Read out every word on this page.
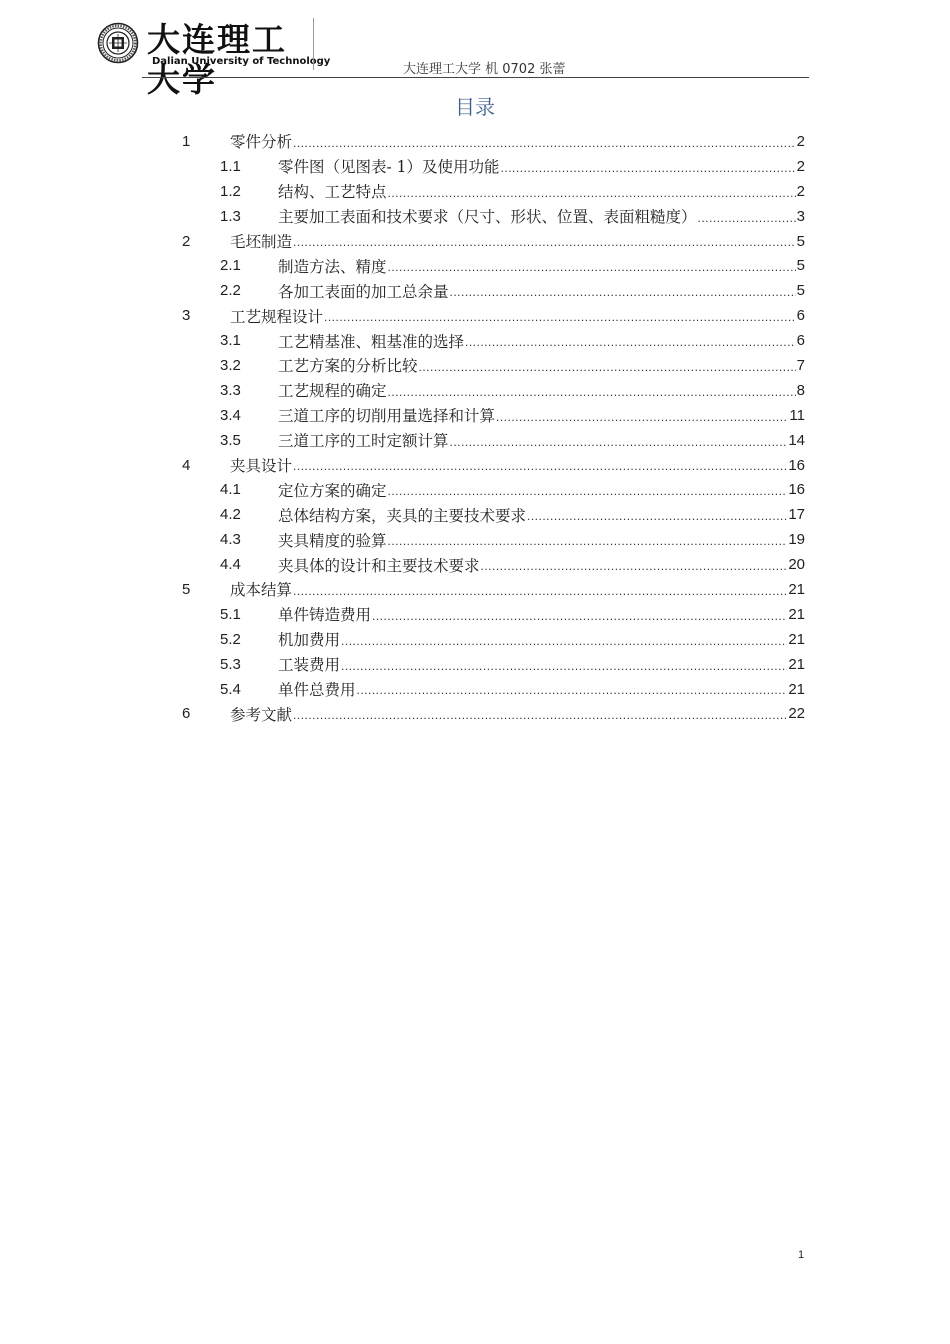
大连理工大学
Dalian University of Technology
大连理工大学 机 0702 张蕾
目录
1	零件分析 .....	2
1.1	零件图（见图表- 1）及使用功能 .....	2
1.2	结构、工艺特点 .....	2
1.3	主要加工表面和技术要求（尺寸、形状、位置、表面粗糙度） .....	3
2	毛坯制造 .....	5
2.1	制造方法、精度 .....	5
2.2	各加工表面的加工总余量 .....	5
3	工艺规程设计 .....	6
3.1	工艺精基准、粗基准的选择 .....	6
3.2	工艺方案的分析比较 .....	7
3.3	工艺规程的确定 .....	8
3.4	三道工序的切削用量选择和计算 .....	11
3.5	三道工序的工时定额计算 .....	14
4	夹具设计 .....	16
4.1	定位方案的确定 .....	16
4.2	总体结构方案，夹具的主要技术要求 .....	17
4.3	夹具精度的验算 .....	19
4.4	夹具体的设计和主要技术要求 .....	20
5	成本结算 .....	21
5.1	单件铸造费用 .....	21
5.2	机加费用 .....	21
5.3	工装费用 .....	21
5.4	单件总费用 .....	21
6	参考文献 .....	22
1
